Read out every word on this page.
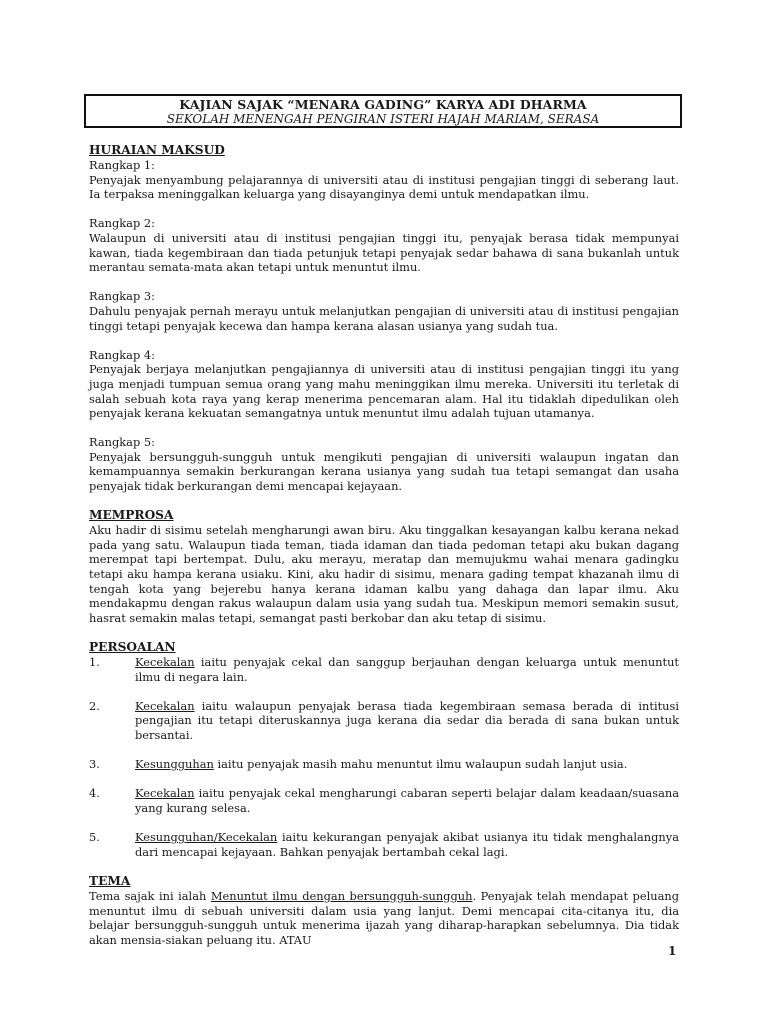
KAJIAN SAJAK “MENARA GADING” KARYA ADI DHARMA
SEKOLAH MENENGAH PENGIRAN ISTERI HAJAH MARIAM, SERASA
HURAIAN MAKSUD
Rangkap 1:
Penyajak menyambung pelajarannya di universiti atau di institusi pengajian tinggi di seberang laut. Ia terpaksa meninggalkan keluarga yang disayanginya demi untuk mendapatkan ilmu.
Rangkap 2:
Walaupun di universiti atau di institusi pengajian tinggi itu, penyajak berasa tidak mempunyai kawan, tiada kegembiraan dan tiada petunjuk tetapi penyajak sedar bahawa di sana bukanlah untuk merantau semata-mata akan tetapi untuk menuntut ilmu.
Rangkap 3:
Dahulu penyajak pernah merayu untuk melanjutkan pengajian di universiti atau di institusi pengajian tinggi tetapi penyajak kecewa dan hampa kerana alasan usianya yang sudah tua.
Rangkap 4:
Penyajak berjaya melanjutkan pengajiannya di universiti atau di institusi pengajian tinggi itu yang juga menjadi tumpuan semua orang yang mahu meninggikan ilmu mereka. Universiti itu terletak di salah sebuah kota raya yang kerap menerima pencemaran alam. Hal itu tidaklah dipedulikan oleh penyajak kerana kekuatan semangatnya untuk menuntut ilmu adalah tujuan utamanya.
Rangkap 5:
Penyajak bersungguh-sungguh untuk mengikuti pengajian di universiti walaupun ingatan dan kemampuannya semakin berkurangan kerana usianya yang sudah tua tetapi semangat dan usaha penyajak tidak berkurangan demi mencapai kejayaan.
MEMPROSA
Aku hadir di sisimu setelah mengharungi awan biru. Aku tinggalkan kesayangan kalbu kerana nekad pada yang satu. Walaupun tiada teman, tiada idaman dan tiada pedoman tetapi aku bukan dagang merempat tapi bertempat. Dulu, aku merayu, meratap dan memujukmu wahai menara gadingku tetapi aku hampa kerana usiaku. Kini, aku hadir di sisimu, menara gading tempat khazanah ilmu di tengah kota yang bejerebu hanya kerana idaman kalbu yang dahaga dan lapar ilmu. Aku mendakapmu dengan rakus walaupun dalam usia yang sudah tua. Meskipun memori semakin susut, hasrat semakin malas tetapi, semangat pasti berkobar dan aku tetap di sisimu.
PERSOALAN
1.	Kecekalan iaitu penyajak cekal dan sanggup berjauhan dengan keluarga untuk menuntut ilmu di negara lain.
2.	Kecekalan iaitu walaupun penyajak berasa tiada kegembiraan semasa berada di intitusi pengajian itu tetapi diteruskannya juga kerana dia sedar dia berada di sana bukan untuk bersantai.
3.	Kesungguhan iaitu penyajak masih mahu menuntut ilmu walaupun sudah lanjut usia.
4.	Kecekalan iaitu penyajak cekal mengharungi cabaran seperti belajar dalam keadaan/suasana yang kurang selesa.
5.	Kesungguhan/Kecekalan iaitu kekurangan penyajak akibat usianya itu tidak menghalangnya dari mencapai kejayaan. Bahkan penyajak bertambah cekal lagi.
TEMA
Tema sajak ini ialah Menuntut ilmu dengan bersungguh-sungguh. Penyajak telah mendapat peluang menuntut ilmu di sebuah universiti dalam usia yang lanjut. Demi mencapai cita-citanya itu, dia belajar bersungguh-sungguh untuk menerima ijazah yang diharap-harapkan sebelumnya. Dia tidak akan mensia-siakan peluang itu. ATAU
1
